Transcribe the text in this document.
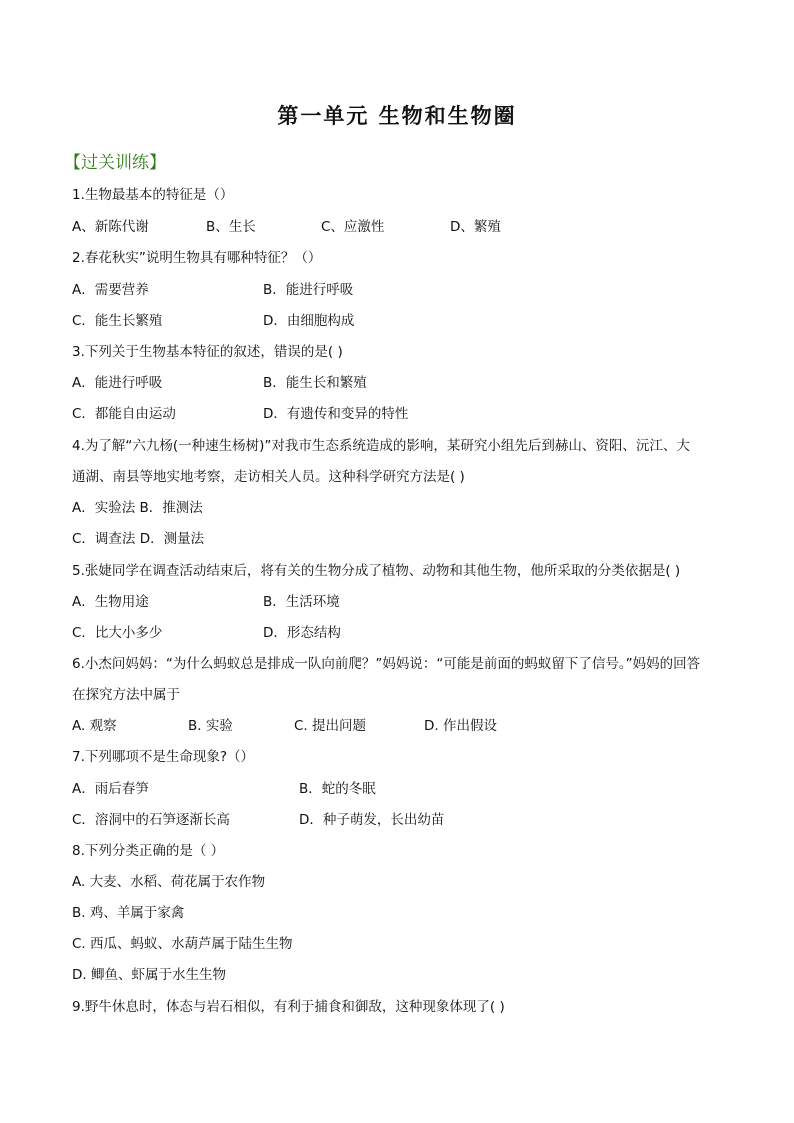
第一单元 生物和生物圈
【过关训练】
1.生物最基本的特征是（）
A、新陈代谢	B、生长	C、应激性	D、繁殖
2.春花秋实”说明生物具有哪种特征？（）
A．需要营养	B．能进行呼吸
C．能生长繁殖	D．由细胞构成
3.下列关于生物基本特征的叙述，错误的是( )
A．能进行呼吸	B．能生长和繁殖
C．都能自由运动	D．有遗传和变异的特性
4.为了解“六九杨(一种速生杨树)”对我市生态系统造成的影响，某研究小组先后到赫山、资阳、沅江、大
通湖、南县等地实地考察，走访相关人员。这种科学研究方法是( )
A．实验法 B．推测法
C．调查法 D．测量法
5.张婕同学在调查活动结束后，将有关的生物分成了植物、动物和其他生物，他所采取的分类依据是( )
A．生物用途	B．生活环境
C．比大小多少	D．形态结构
6.小杰问妈妈：“为什么蚂蚁总是排成一队向前爬？”妈妈说：“可能是前面的蚂蚁留下了信号。”妈妈的回答
在探究方法中属于
A. 观察	B. 实验	C. 提出问题	D. 作出假设
7.下列哪项不是生命现象?（）
A．雨后春笋	B．蛇的冬眠
C．溶洞中的石笋逐渐长高	D．种子萌发，长出幼苗
8.下列分类正确的是（ ）
A. 大麦、水稻、荷花属于农作物
B. 鸡、羊属于家禽
C. 西瓜、蚂蚁、水葫芦属于陆生生物
D. 鲫鱼、虾属于水生生物
9.野牛休息时，体态与岩石相似，有利于捕食和御敌，这种现象体现了( )
